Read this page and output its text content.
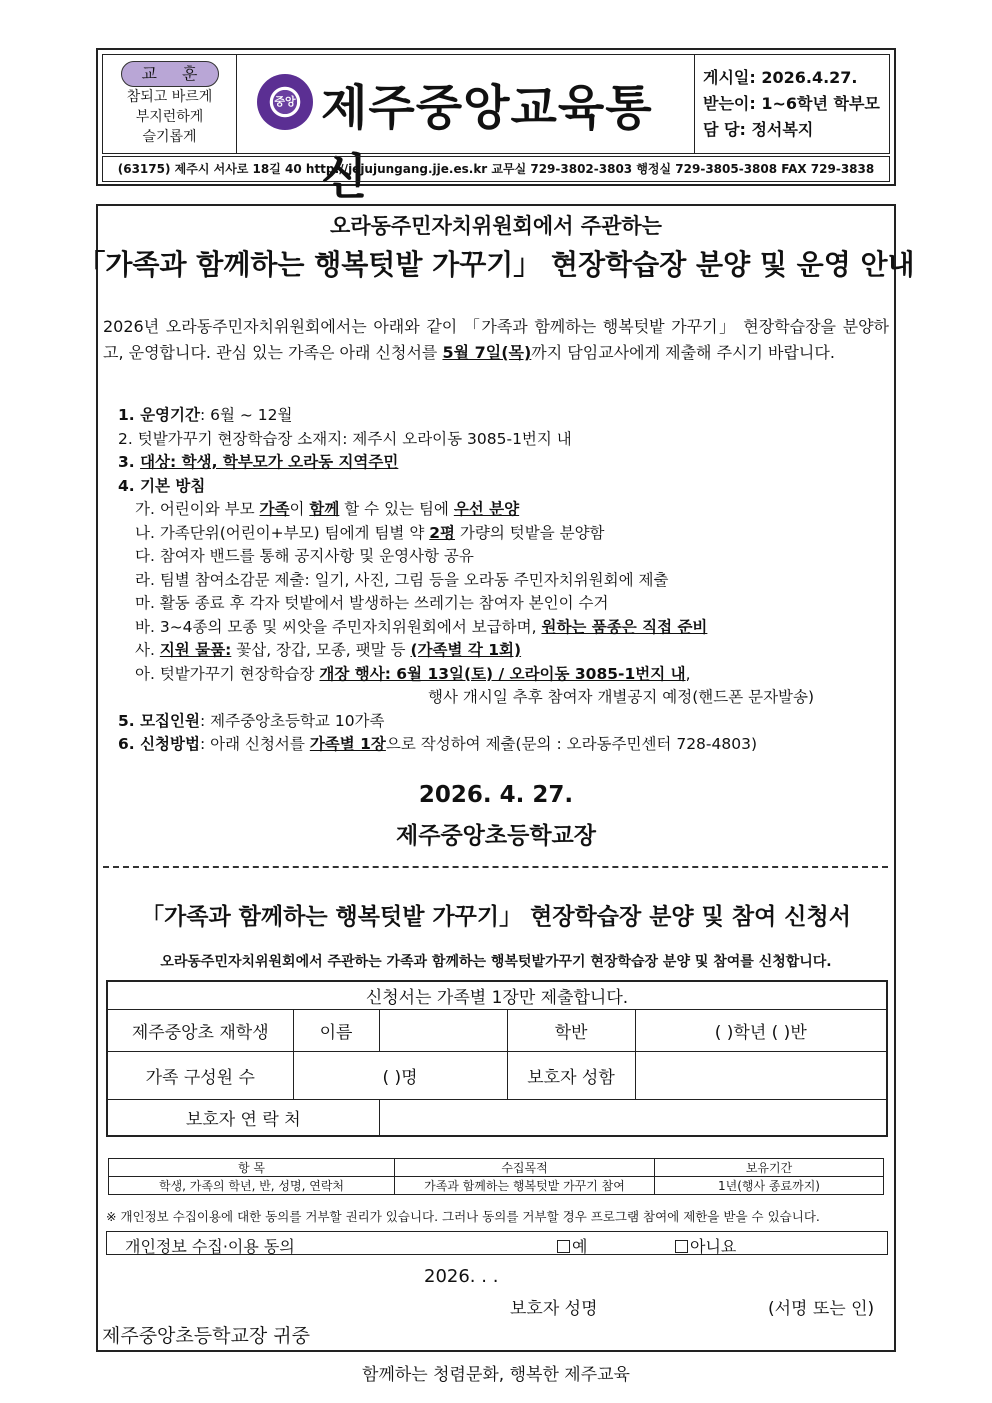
교 훈
참되고 바르게
부지런하게
슬기롭게
중앙 제주중앙교육통신
게시일: 2026.4.27.
받는이: 1~6학년 학부모
담 당: 정서복지
(63175) 제주시 서사로 18길 40 http://jejujungang.jje.es.kr 교무실 729-3802-3803 행정실 729-3805-3808 FAX 729-3838
오라동주민자치위원회에서 주관하는
「가족과 함께하는 행복텃밭 가꾸기」 현장학습장 분양 및 운영 안내
2026년 오라동주민자치위원회에서는 아래와 같이 「가족과 함께하는 행복텃밭 가꾸기」 현장학습장을 분양하고, 운영합니다. 관심 있는 가족은 아래 신청서를 5월 7일(목)까지 담임교사에게 제출해 주시기 바랍니다.
1. 운영기간: 6월 ~ 12월
2. 텃밭가꾸기 현장학습장 소재지: 제주시 오라이동 3085-1번지 내
3. 대상: 학생, 학부모가 오라동 지역주민
4. 기본 방침
가. 어린이와 부모 가족이 함께 할 수 있는 팀에 우선 분양
나. 가족단위(어린이+부모) 팀에게 팀별 약 2평 가량의 텃밭을 분양함
다. 참여자 밴드를 통해 공지사항 및 운영사항 공유
라. 팀별 참여소감문 제출: 일기, 사진, 그림 등을 오라동 주민자치위원회에 제출
마. 활동 종료 후 각자 텃밭에서 발생하는 쓰레기는 참여자 본인이 수거
바. 3~4종의 모종 및 씨앗을 주민자치위원회에서 보급하며, 원하는 품종은 직접 준비
사. 지원 물품: 꽃삽, 장갑, 모종, 팻말 등 (가족별 각 1회)
아. 텃밭가꾸기 현장학습장 개장 행사: 6월 13일(토) / 오라이동 3085-1번지 내,
행사 개시일 추후 참여자 개별공지 예정(핸드폰 문자발송)
5. 모집인원: 제주중앙초등학교 10가족
6. 신청방법: 아래 신청서를 가족별 1장으로 작성하여 제출(문의 : 오라동주민센터 728-4803)
2026. 4. 27.
제주중앙초등학교장
「가족과 함께하는 행복텃밭 가꾸기」 현장학습장 분양 및 참여 신청서
오라동주민자치위원회에서 주관하는 가족과 함께하는 행복텃밭가꾸기 현장학습장 분양 및 참여를 신청합니다.
신청서는 가족별 1장만 제출합니다.				
제주중앙초 재학생	이름		학반	( )학년 ( )반
가족 구성원 수	( )명		보호자 성함	
보호자 연 락 처				
항 목	수집목적	보유기간
학생, 가족의 학년, 반, 성명, 연락처	가족과 함께하는 행복텃밭 가꾸기 참여	1년(행사 종료까지)
※ 개인정보 수집이용에 대한 동의를 거부할 권리가 있습니다. 그러나 동의를 거부할 경우 프로그램 참여에 제한을 받을 수 있습니다.
개인정보 수집·이용 동의	예	아니요
2026. . .
보호자 성명	(서명 또는 인)
제주중앙초등학교장 귀중
함께하는 청렴문화, 행복한 제주교육
